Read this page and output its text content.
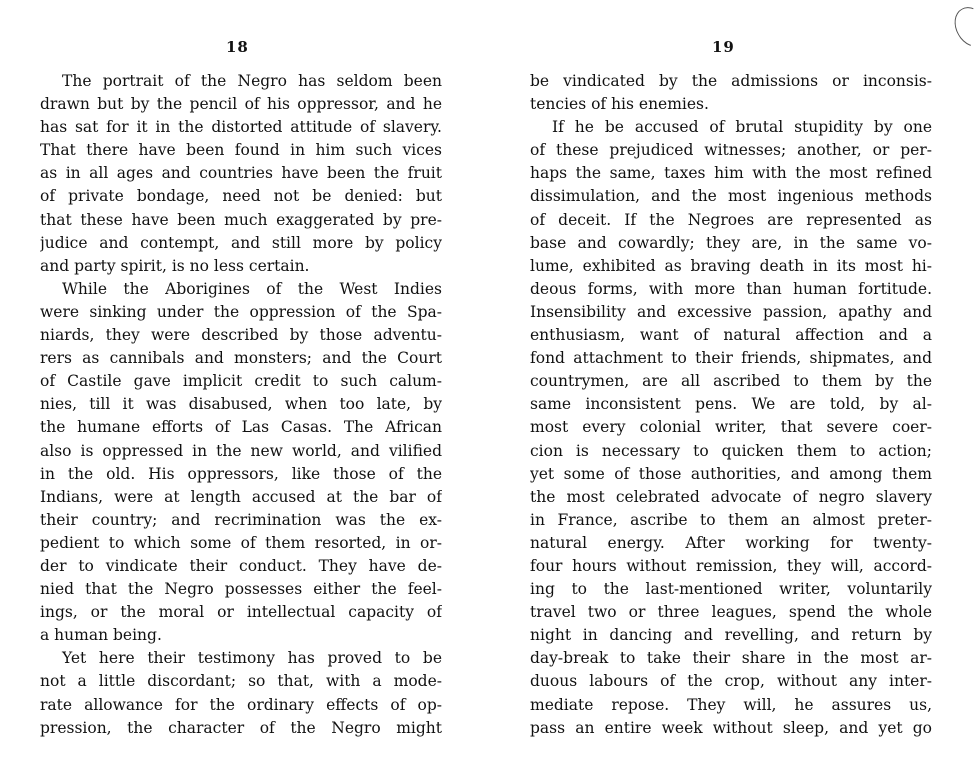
18
The portrait of the Negro has seldom been
drawn but by the pencil of his oppressor, and he
has sat for it in the distorted attitude of slavery.
That there have been found in him such vices
as in all ages and countries have been the fruit
of private bondage, need not be denied: but
that these have been much exaggerated by pre-
judice and contempt, and still more by policy
and party spirit, is no less certain.
While the Aborigines of the West Indies
were sinking under the oppression of the Spa-
niards, they were described by those adventu-
rers as cannibals and monsters; and the Court
of Castile gave implicit credit to such calum-
nies, till it was disabused, when too late, by
the humane efforts of Las Casas. The African
also is oppressed in the new world, and vilified
in the old. His oppressors, like those of the
Indians, were at length accused at the bar of
their country; and recrimination was the ex-
pedient to which some of them resorted, in or-
der to vindicate their conduct. They have de-
nied that the Negro possesses either the feel-
ings, or the moral or intellectual capacity of
a human being.
Yet here their testimony has proved to be
not a little discordant; so that, with a mode-
rate allowance for the ordinary effects of op-
pression, the character of the Negro might
19
be vindicated by the admissions or inconsis-
tencies of his enemies.
If he be accused of brutal stupidity by one
of these prejudiced witnesses; another, or per-
haps the same, taxes him with the most refined
dissimulation, and the most ingenious methods
of deceit. If the Negroes are represented as
base and cowardly; they are, in the same vo-
lume, exhibited as braving death in its most hi-
deous forms, with more than human fortitude.
Insensibility and excessive passion, apathy and
enthusiasm, want of natural affection and a
fond attachment to their friends, shipmates, and
countrymen, are all ascribed to them by the
same inconsistent pens. We are told, by al-
most every colonial writer, that severe coer-
cion is necessary to quicken them to action;
yet some of those authorities, and among them
the most celebrated advocate of negro slavery
in France, ascribe to them an almost preter-
natural energy. After working for twenty-
four hours without remission, they will, accord-
ing to the last-mentioned writer, voluntarily
travel two or three leagues, spend the whole
night in dancing and revelling, and return by
day-break to take their share in the most ar-
duous labours of the crop, without any inter-
mediate repose. They will, he assures us,
pass an entire week without sleep, and yet go
